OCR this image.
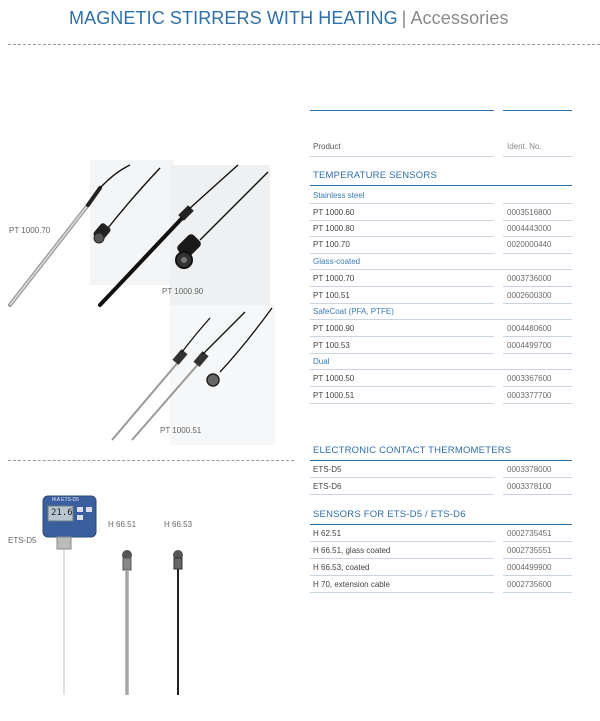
MAGNETIC STIRRERS WITH HEATING | Accessories
Product	Ident. No.
TEMPERATURE SENSORS
Stainless steel
PT 1000.60	0003516800
PT 1000.80	0004443000
PT 100.70	0020000440
Glass-coated
PT 1000.70	0003736000
PT 100.51	0002600300
SafeCoat (PFA, PTFE)
PT 1000.90	0004480600
PT 100.53	0004499700
Dual
PT 1000.50	0003367600
PT 1000.51	0003377700
ELECTRONIC CONTACT THERMOMETERS
ETS-D5	0003378000
ETS-D6	0003378100
SENSORS FOR ETS-D5 / ETS-D6
H 62.51	0002735451
H 66.51, glass coated	0002735551
H 66.53, coated	0004499900
H 70, extension cable	0002735600
IKA ETS-D5
21.6
PT 1000.70
PT 1000.90
PT 1000.51
ETS-D5
H 66.51	H 66.53
